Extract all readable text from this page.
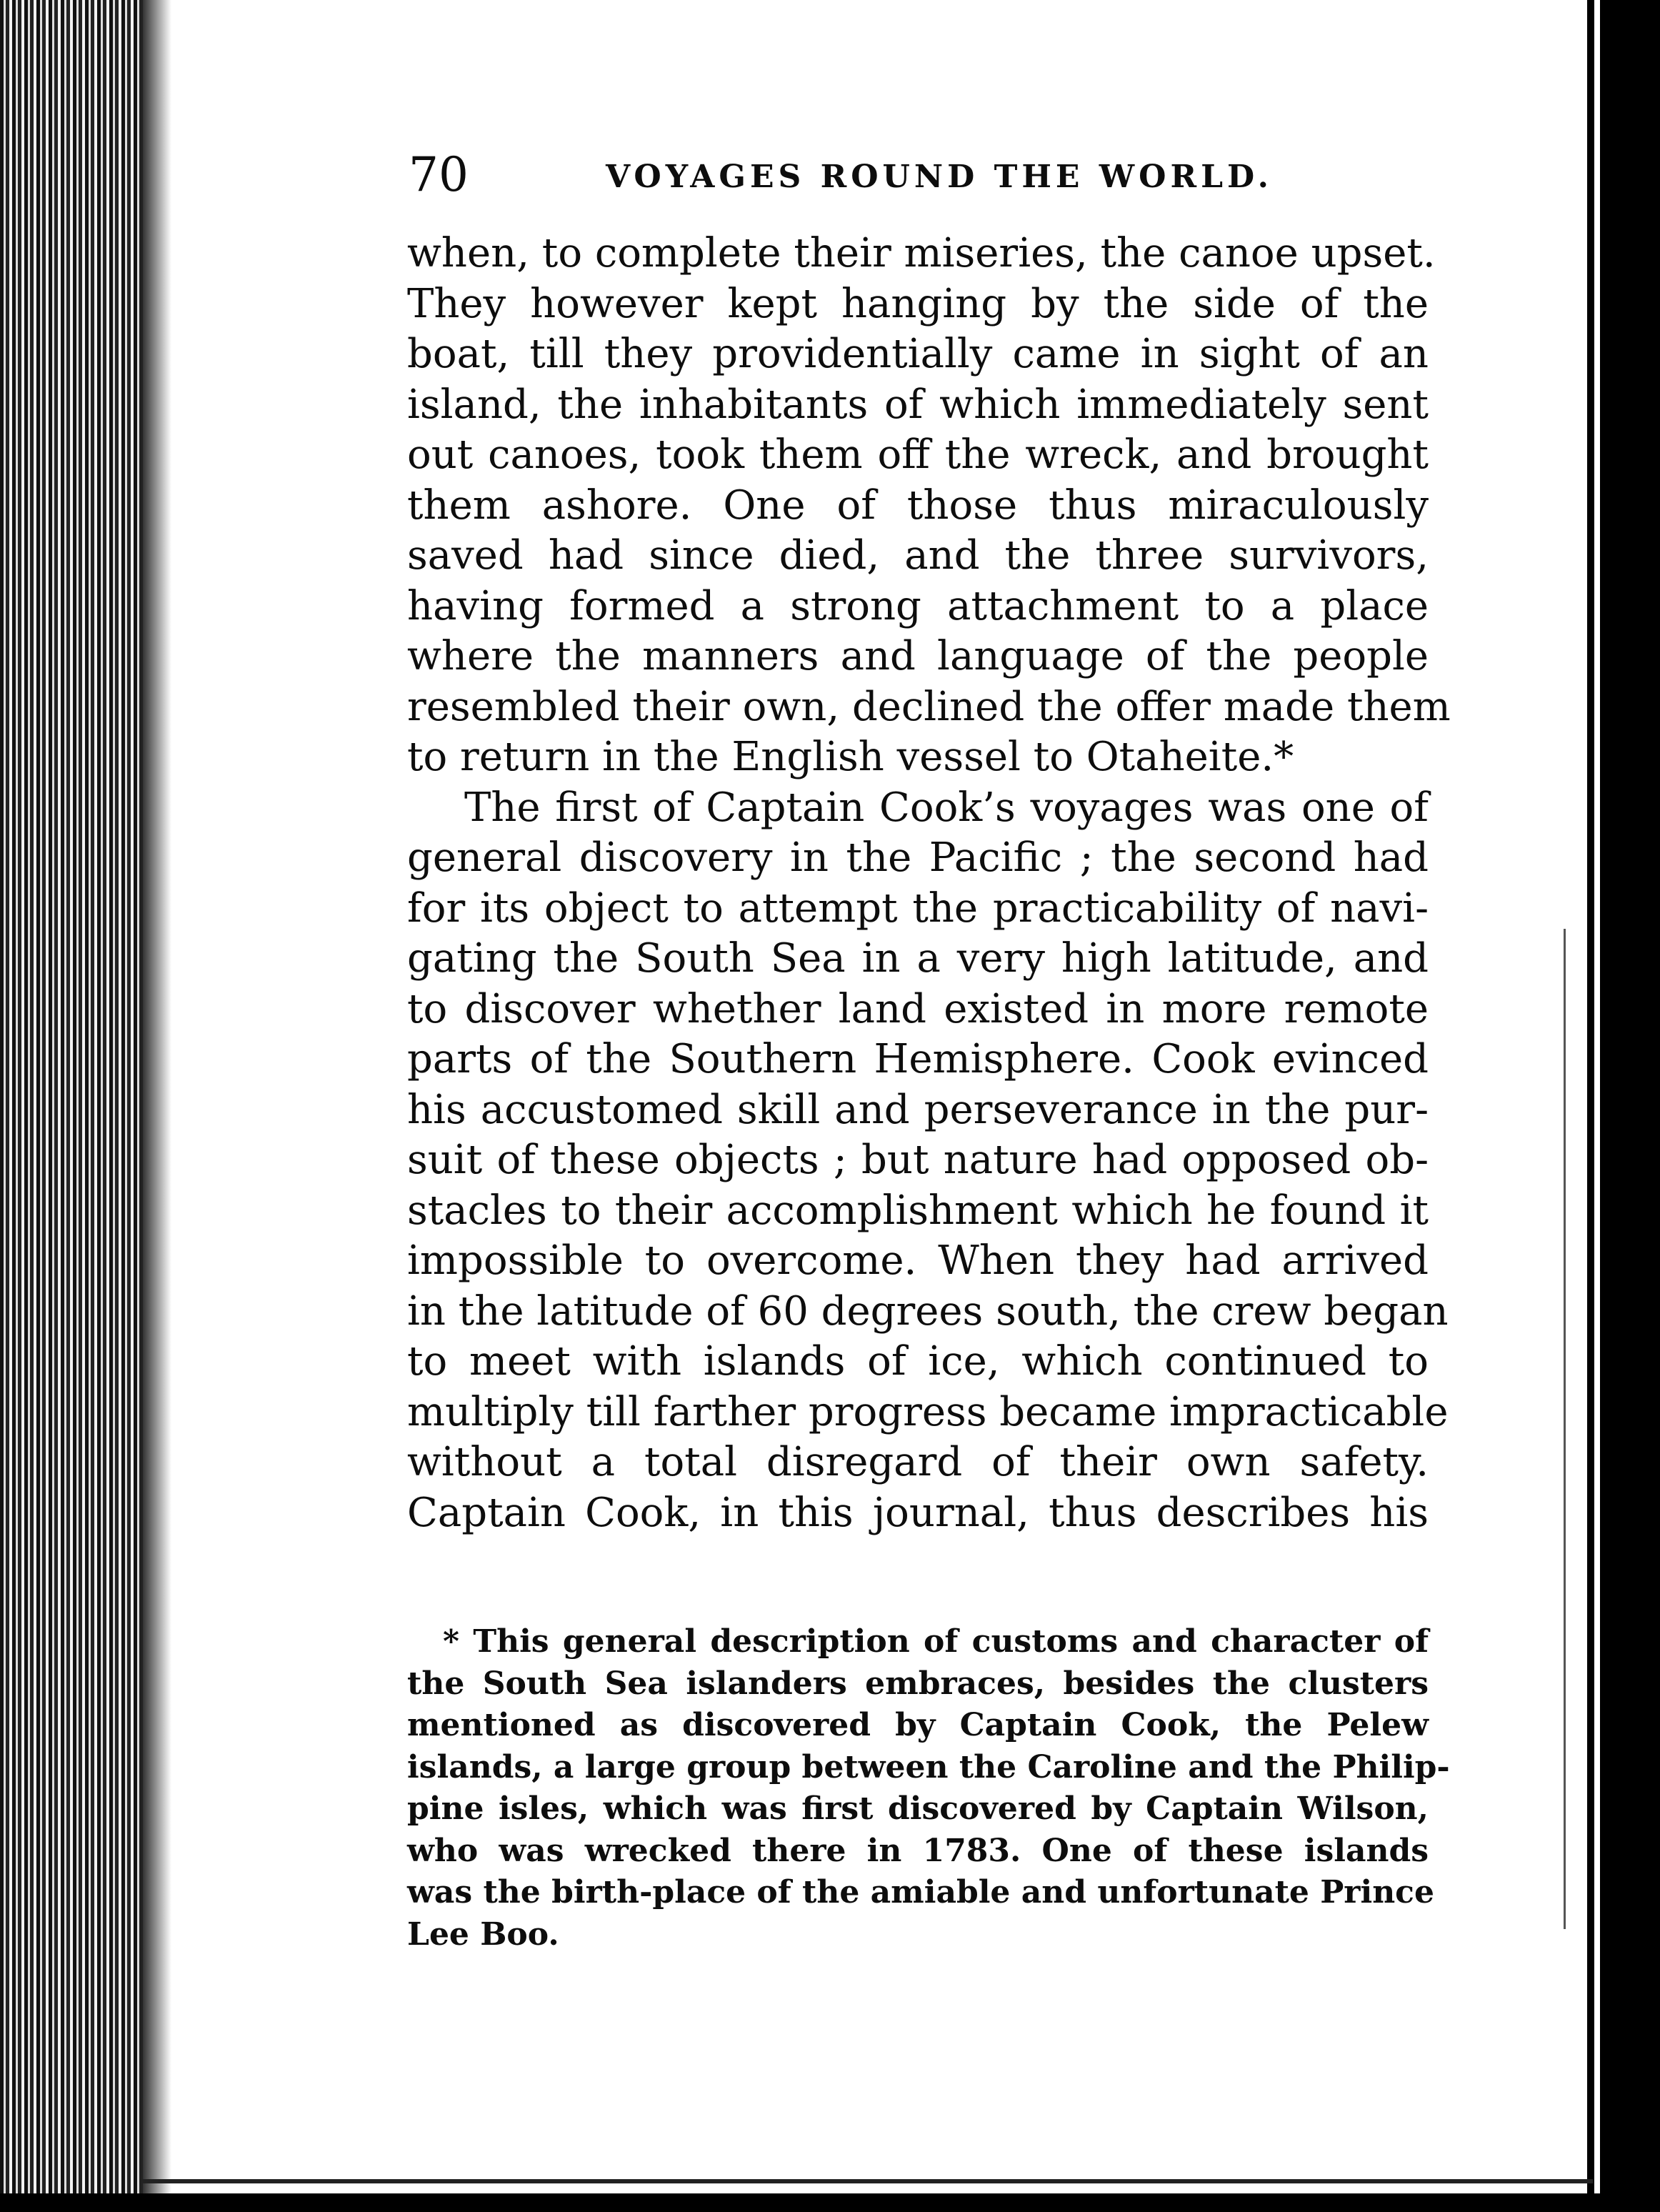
70	VOYAGES ROUND THE WORLD.
when, to complete their miseries, the canoe upset.
They however kept hanging by the side of the
boat, till they providentially came in sight of an
island, the inhabitants of which immediately sent
out canoes, took them off the wreck, and brought
them ashore. One of those thus miraculously
saved had since died, and the three survivors,
having formed a strong attachment to a place
where the manners and language of the people
resembled their own, declined the offer made them
to return in the English vessel to Otaheite.*
The first of Captain Cook’s voyages was one of
general discovery in the Pacific ; the second had
for its object to attempt the practicability of navi-
gating the South Sea in a very high latitude, and
to discover whether land existed in more remote
parts of the Southern Hemisphere. Cook evinced
his accustomed skill and perseverance in the pur-
suit of these objects ; but nature had opposed ob-
stacles to their accomplishment which he found it
impossible to overcome. When they had arrived
in the latitude of 60 degrees south, the crew began
to meet with islands of ice, which continued to
multiply till farther progress became impracticable
without a total disregard of their own safety.
Captain Cook, in this journal, thus describes his
* This general description of customs and character of
the South Sea islanders embraces, besides the clusters
mentioned as discovered by Captain Cook, the Pelew
islands, a large group between the Caroline and the Philip-
pine isles, which was first discovered by Captain Wilson,
who was wrecked there in 1783. One of these islands
was the birth-place of the amiable and unfortunate Prince
Lee Boo.
